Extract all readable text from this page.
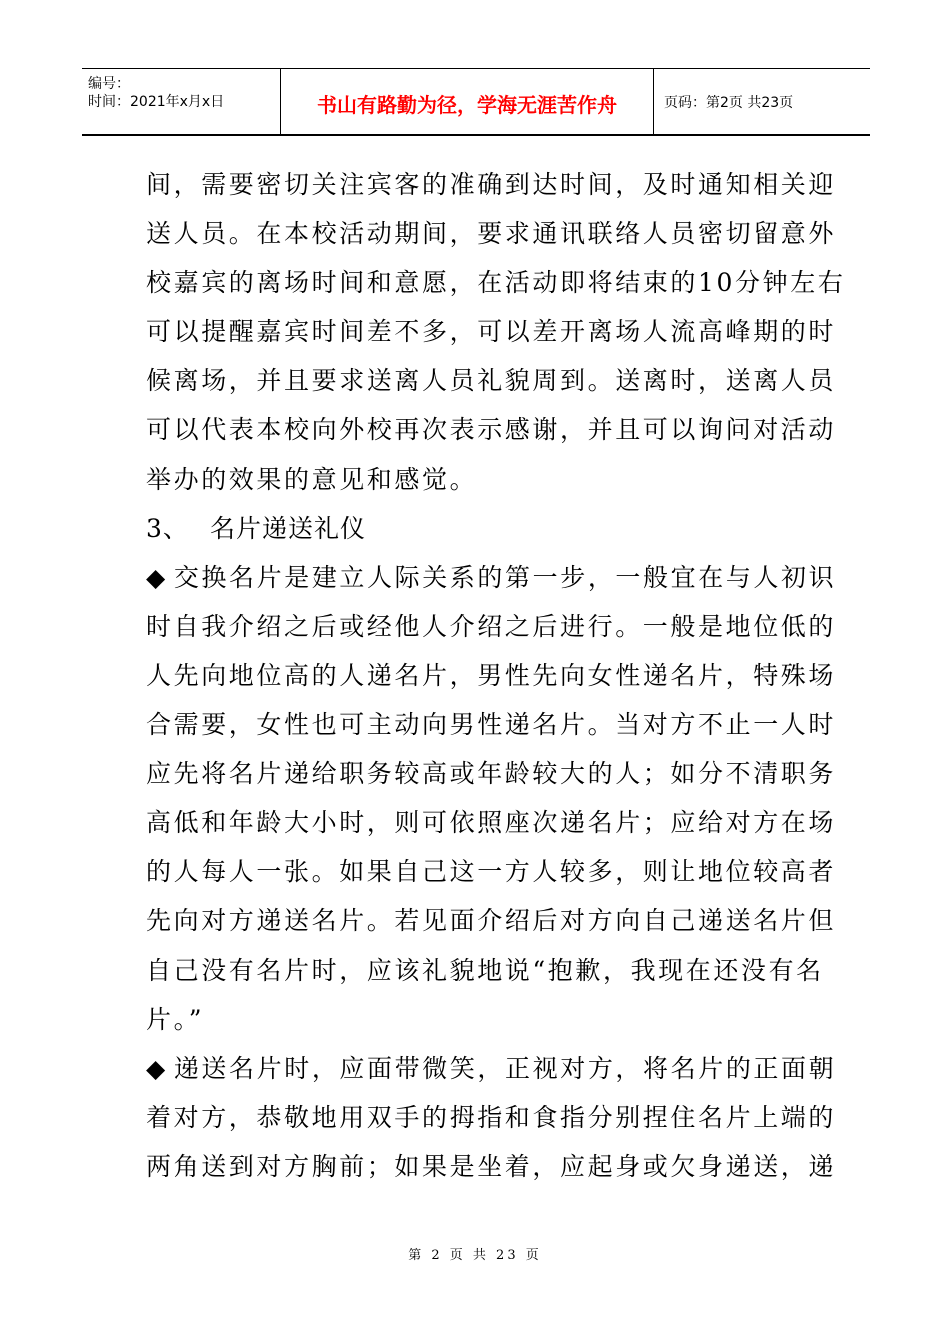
编号：
时间：2021年x月x日	书山有路勤为径，学海无涯苦作舟	页码：第2页 共23页
间，需要密切关注宾客的准确到达时间，及时通知相关迎
送人员。在本校活动期间，要求通讯联络人员密切留意外
校嘉宾的离场时间和意愿，在活动即将结束的10分钟左右
可以提醒嘉宾时间差不多，可以差开离场人流高峰期的时
候离场，并且要求送离人员礼貌周到。送离时，送离人员
可以代表本校向外校再次表示感谢，并且可以询问对活动
举办的效果的意见和感觉。
3、 名片递送礼仪
◆ 交换名片是建立人际关系的第一步，一般宜在与人初识
时自我介绍之后或经他人介绍之后进行。一般是地位低的
人先向地位高的人递名片，男性先向女性递名片，特殊场
合需要，女性也可主动向男性递名片。当对方不止一人时
应先将名片递给职务较高或年龄较大的人；如分不清职务
高低和年龄大小时，则可依照座次递名片；应给对方在场
的人每人一张。如果自己这一方人较多，则让地位较高者
先向对方递送名片。若见面介绍后对方向自己递送名片但
自己没有名片时，应该礼貌地说“抱歉，我现在还没有名
片。”
◆ 递送名片时，应面带微笑，正视对方，将名片的正面朝
着对方，恭敬地用双手的拇指和食指分别捏住名片上端的
两角送到对方胸前；如果是坐着，应起身或欠身递送，递
第 2 页 共 23 页
